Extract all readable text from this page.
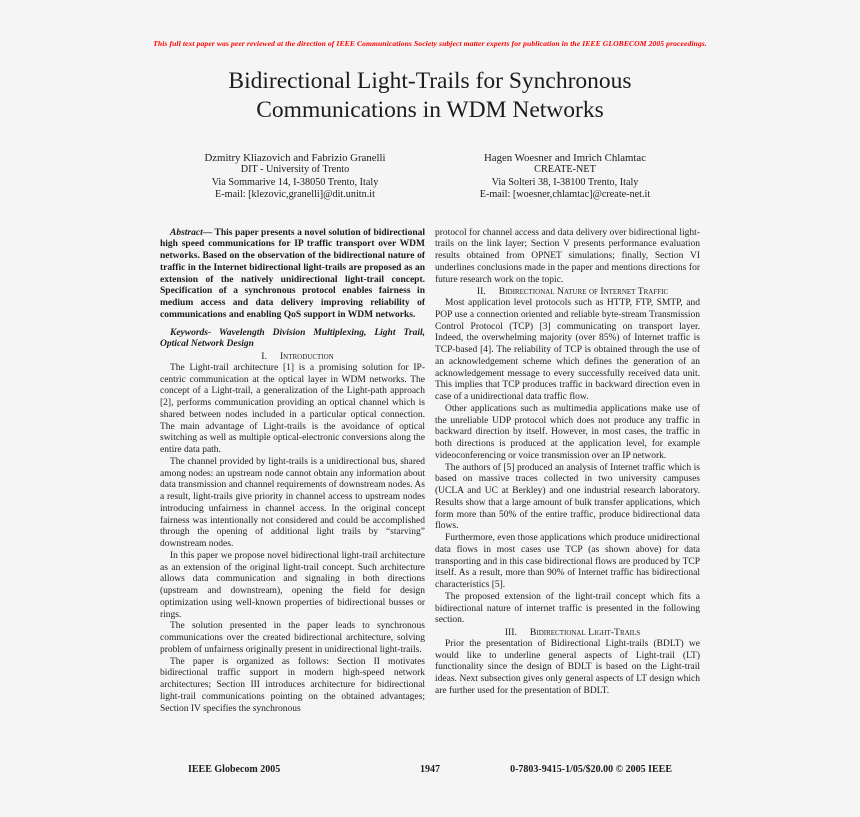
This full text paper was peer reviewed at the direction of IEEE Communications Society subject matter experts for publication in the IEEE GLOBECOM 2005 proceedings.
Bidirectional Light-Trails for Synchronous
Communications in WDM Networks
Dzmitry Kliazovich and Fabrizio Granelli
DIT - University of Trento
Via Sommarive 14, I-38050 Trento, Italy
E-mail: [klezovic,granelli]@dit.unitn.it
Hagen Woesner and Imrich Chlamtac
CREATE-NET
Via Solteri 38, I-38100 Trento, Italy
E-mail: [woesner,chlamtac]@create-net.it

Abstract— This paper presents a novel solution of bidirectional high speed communications for IP traffic transport over WDM networks. Based on the observation of the bidirectional nature of traffic in the Internet bidirectional light-trails are proposed as an extension of the natively unidirectional light-trail concept. Specification of a synchronous protocol enables fairness in medium access and data delivery improving reliability of communications and enabling QoS support in WDM networks.

Keywords- Wavelength Division Multiplexing, Light Trail, Optical Network Design

I. Introduction

The Light-trail architecture [1] is a promising solution for IP-centric communication at the optical layer in WDM networks. The concept of a Light-trail, a generalization of the Light-path approach [2], performs communication providing an optical channel which is shared between nodes included in a particular optical connection. The main advantage of Light-trails is the avoidance of optical switching as well as multiple optical-electronic conversions along the entire data path.

The channel provided by light-trails is a unidirectional bus, shared among nodes: an upstream node cannot obtain any information about data transmission and channel requirements of downstream nodes. As a result, light-trails give priority in channel access to upstream nodes introducing unfairness in channel access. In the original concept fairness was intentionally not considered and could be accomplished through the opening of additional light trails by “starving” downstream nodes.

In this paper we propose novel bidirectional light-trail architecture as an extension of the original light-trail concept. Such architecture allows data communication and signaling in both directions (upstream and downstream), opening the field for design optimization using well-known properties of bidirectional busses or rings.

The solution presented in the paper leads to synchronous communications over the created bidirectional architecture, solving problem of unfairness originally present in unidirectional light-trails.

The paper is organized as follows: Section II motivates bidirectional traffic support in modern high-speed network architectures; Section III introduces architecture for bidirectional light-trail communications pointing on the obtained advantages; Section IV specifies the synchronous

protocol for channel access and data delivery over bidirectional light-trails on the link layer; Section V presents performance evaluation results obtained from OPNET simulations; finally, Section VI underlines conclusions made in the paper and mentions directions for future research work on the topic.

II. Bidirectional Nature of Internet Traffic

Most application level protocols such as HTTP, FTP, SMTP, and POP use a connection oriented and reliable byte-stream Transmission Control Protocol (TCP) [3] communicating on transport layer. Indeed, the overwhelming majority (over 85%) of Internet traffic is TCP-based [4]. The reliability of TCP is obtained through the use of an acknowledgement scheme which defines the generation of an acknowledgement message to every successfully received data unit. This implies that TCP produces traffic in backward direction even in case of a unidirectional data traffic flow.

Other applications such as multimedia applications make use of the unreliable UDP protocol which does not produce any traffic in backward direction by itself. However, in most cases, the traffic in both directions is produced at the application level, for example videoconferencing or voice transmission over an IP network.

The authors of [5] produced an analysis of Internet traffic which is based on massive traces collected in two university campuses (UCLA and UC at Berkley) and one industrial research laboratory. Results show that a large amount of bulk transfer applications, which form more than 50% of the entire traffic, produce bidirectional data flows.

Furthermore, even those applications which produce unidirectional data flows in most cases use TCP (as shown above) for data transporting and in this case bidirectional flows are produced by TCP itself. As a result, more than 90% of Internet traffic has bidirectional characteristics [5].

The proposed extension of the light-trail concept which fits a bidirectional nature of internet traffic is presented in the following section.

III. Bidirectional Light-Trails

Prior the presentation of Bidirectional Light-trails (BDLT) we would like to underline general aspects of Light-trail (LT) functionality since the design of BDLT is based on the Light-trail ideas. Next subsection gives only general aspects of LT design which are further used for the presentation of BDLT.

IEEE Globecom 2005	1947	0-7803-9415-1/05/$20.00 © 2005 IEEE
